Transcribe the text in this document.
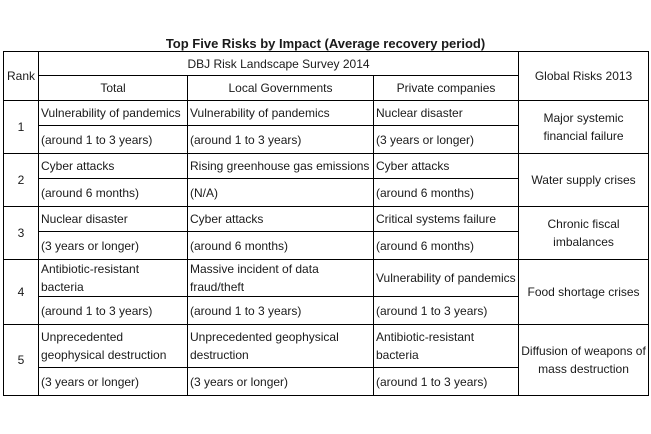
Top Five Risks by Impact (Average recovery period)
Rank	DBJ Risk Landscape Survey 2014			Global Risks 2013
	Total	Local Governments	Private companies	
1	Vulnerability of pandemics	Vulnerability of pandemics	Nuclear disaster	Major systemic financial failure
	(around 1 to 3 years)	(around 1 to 3 years)	(3 years or longer)	
2	Cyber attacks	Rising greenhouse gas emissions	Cyber attacks	Water supply crises
	(around 6 months)	(N/A)	(around 6 months)	
3	Nuclear disaster	Cyber attacks	Critical systems failure	Chronic fiscal imbalances
	(3 years or longer)	(around 6 months)	(around 6 months)	
4	Antibiotic-resistant bacteria	Massive incident of data fraud/theft	Vulnerability of pandemics	Food shortage crises
	(around 1 to 3 years)	(around 1 to 3 years)	(around 1 to 3 years)	
5	Unprecedented geophysical destruction	Unprecedented geophysical destruction	Antibiotic-resistant bacteria	Diffusion of weapons of mass destruction
	(3 years or longer)	(3 years or longer)	(around 1 to 3 years)	
